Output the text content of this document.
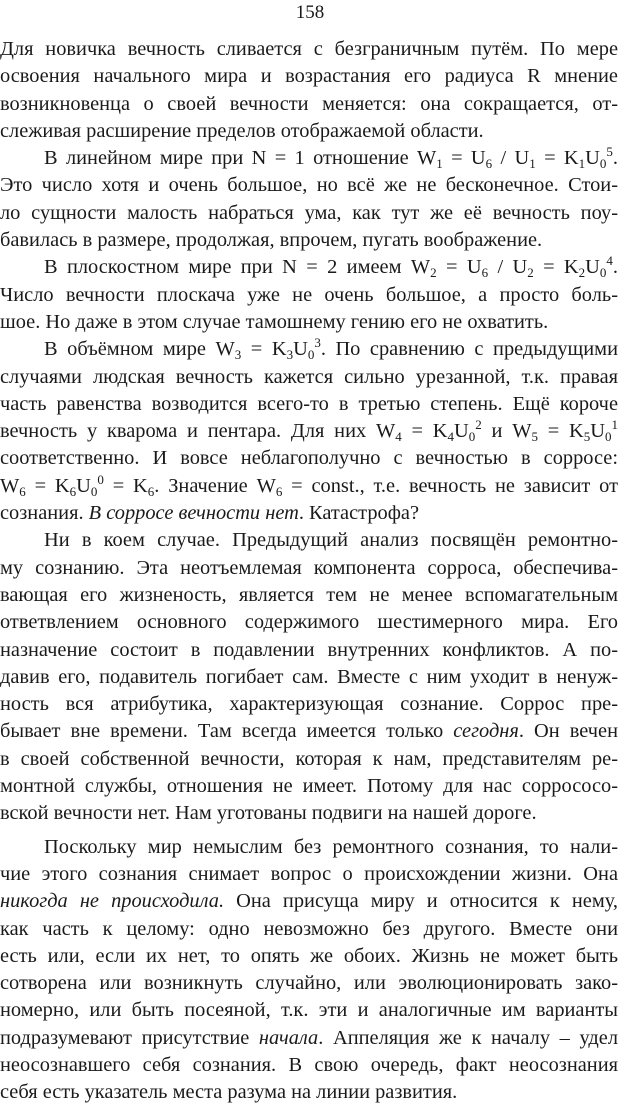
158
Для новичка вечность сливается с безграничным путём. По мере
освоения начального мира и возрастания его радиуса R мнение
возникновенца о своей вечности меняется: она сокращается, от-
слеживая расширение пределов отображаемой области.
В линейном мире при N = 1 отношение $W_1 = U_6 / U_1 = K_1U_0^5$.
Это число хотя и очень большое, но всё же не бесконечное. Стои-
ло сущности малость набраться ума, как тут же её вечность поу-
бавилась в размере, продолжая, впрочем, пугать воображение.
В плоскостном мире при N = 2 имеем $W_2 = U_6 / U_2 = K_2U_0^4$.
Число вечности плоскача уже не очень большое, а просто боль-
шое. Но даже в этом случае тамошнему гению его не охватить.
В объёмном мире $W_3 = K_3U_0^3$. По сравнению с предыдущими
случаями людская вечность кажется сильно урезанной, т.к. правая
часть равенства возводится всего-то в третью степень. Ещё короче
вечность у кваромa и пентара. Для них $W_4 = K_4U_0^2$ и $W_5 = K_5U_0^1$
соответственно. И вовсе неблагополучно с вечностью в сорросе:
$W_6 = K_6U_0^0 = K_6$. Значение $W_6$ = const., т.е. вечность не зависит от
сознания. В сорросе вечности нет. Катастрофа?
Ни в коем случае. Предыдущий анализ посвящён ремонтно-
му сознанию. Эта неотъемлемая компонента сорроса, обеспечива-
вающая его жизненость, является тем не менее вспомагательным
ответвлением основного содержимого шестимерного мира. Его
назначение состоит в подавлении внутренних конфликтов. А по-
давив его, подавитель погибает сам. Вместе с ним уходит в ненуж-
ность вся атрибутика, характеризующая сознание. Соррос пре-
бывает вне времени. Там всегда имеется только сегодня. Он вечен
в своей собственной вечности, которая к нам, представителям ре-
монтной службы, отношения не имеет. Потому для нас соррососо-
вской вечности нет. Нам уготованы подвиги на нашей дороге.
Поскольку мир немыслим без ремонтного сознания, то нали-
чие этого сознания снимает вопрос о происхождении жизни. Она
никогда не происходила. Она присуща миру и относится к нему,
как часть к целому: одно невозможно без другого. Вместе они
есть или, если их нет, то опять же обоих. Жизнь не может быть
сотворена или возникнуть случайно, или эволюционировать зако-
номерно, или быть посеяной, т.к. эти и аналогичные им варианты
подразумевают присутствие начала. Аппеляция же к началу – удел
неосознавшего себя сознания. В свою очередь, факт неосознания
себя есть указатель места разума на линии развития.
